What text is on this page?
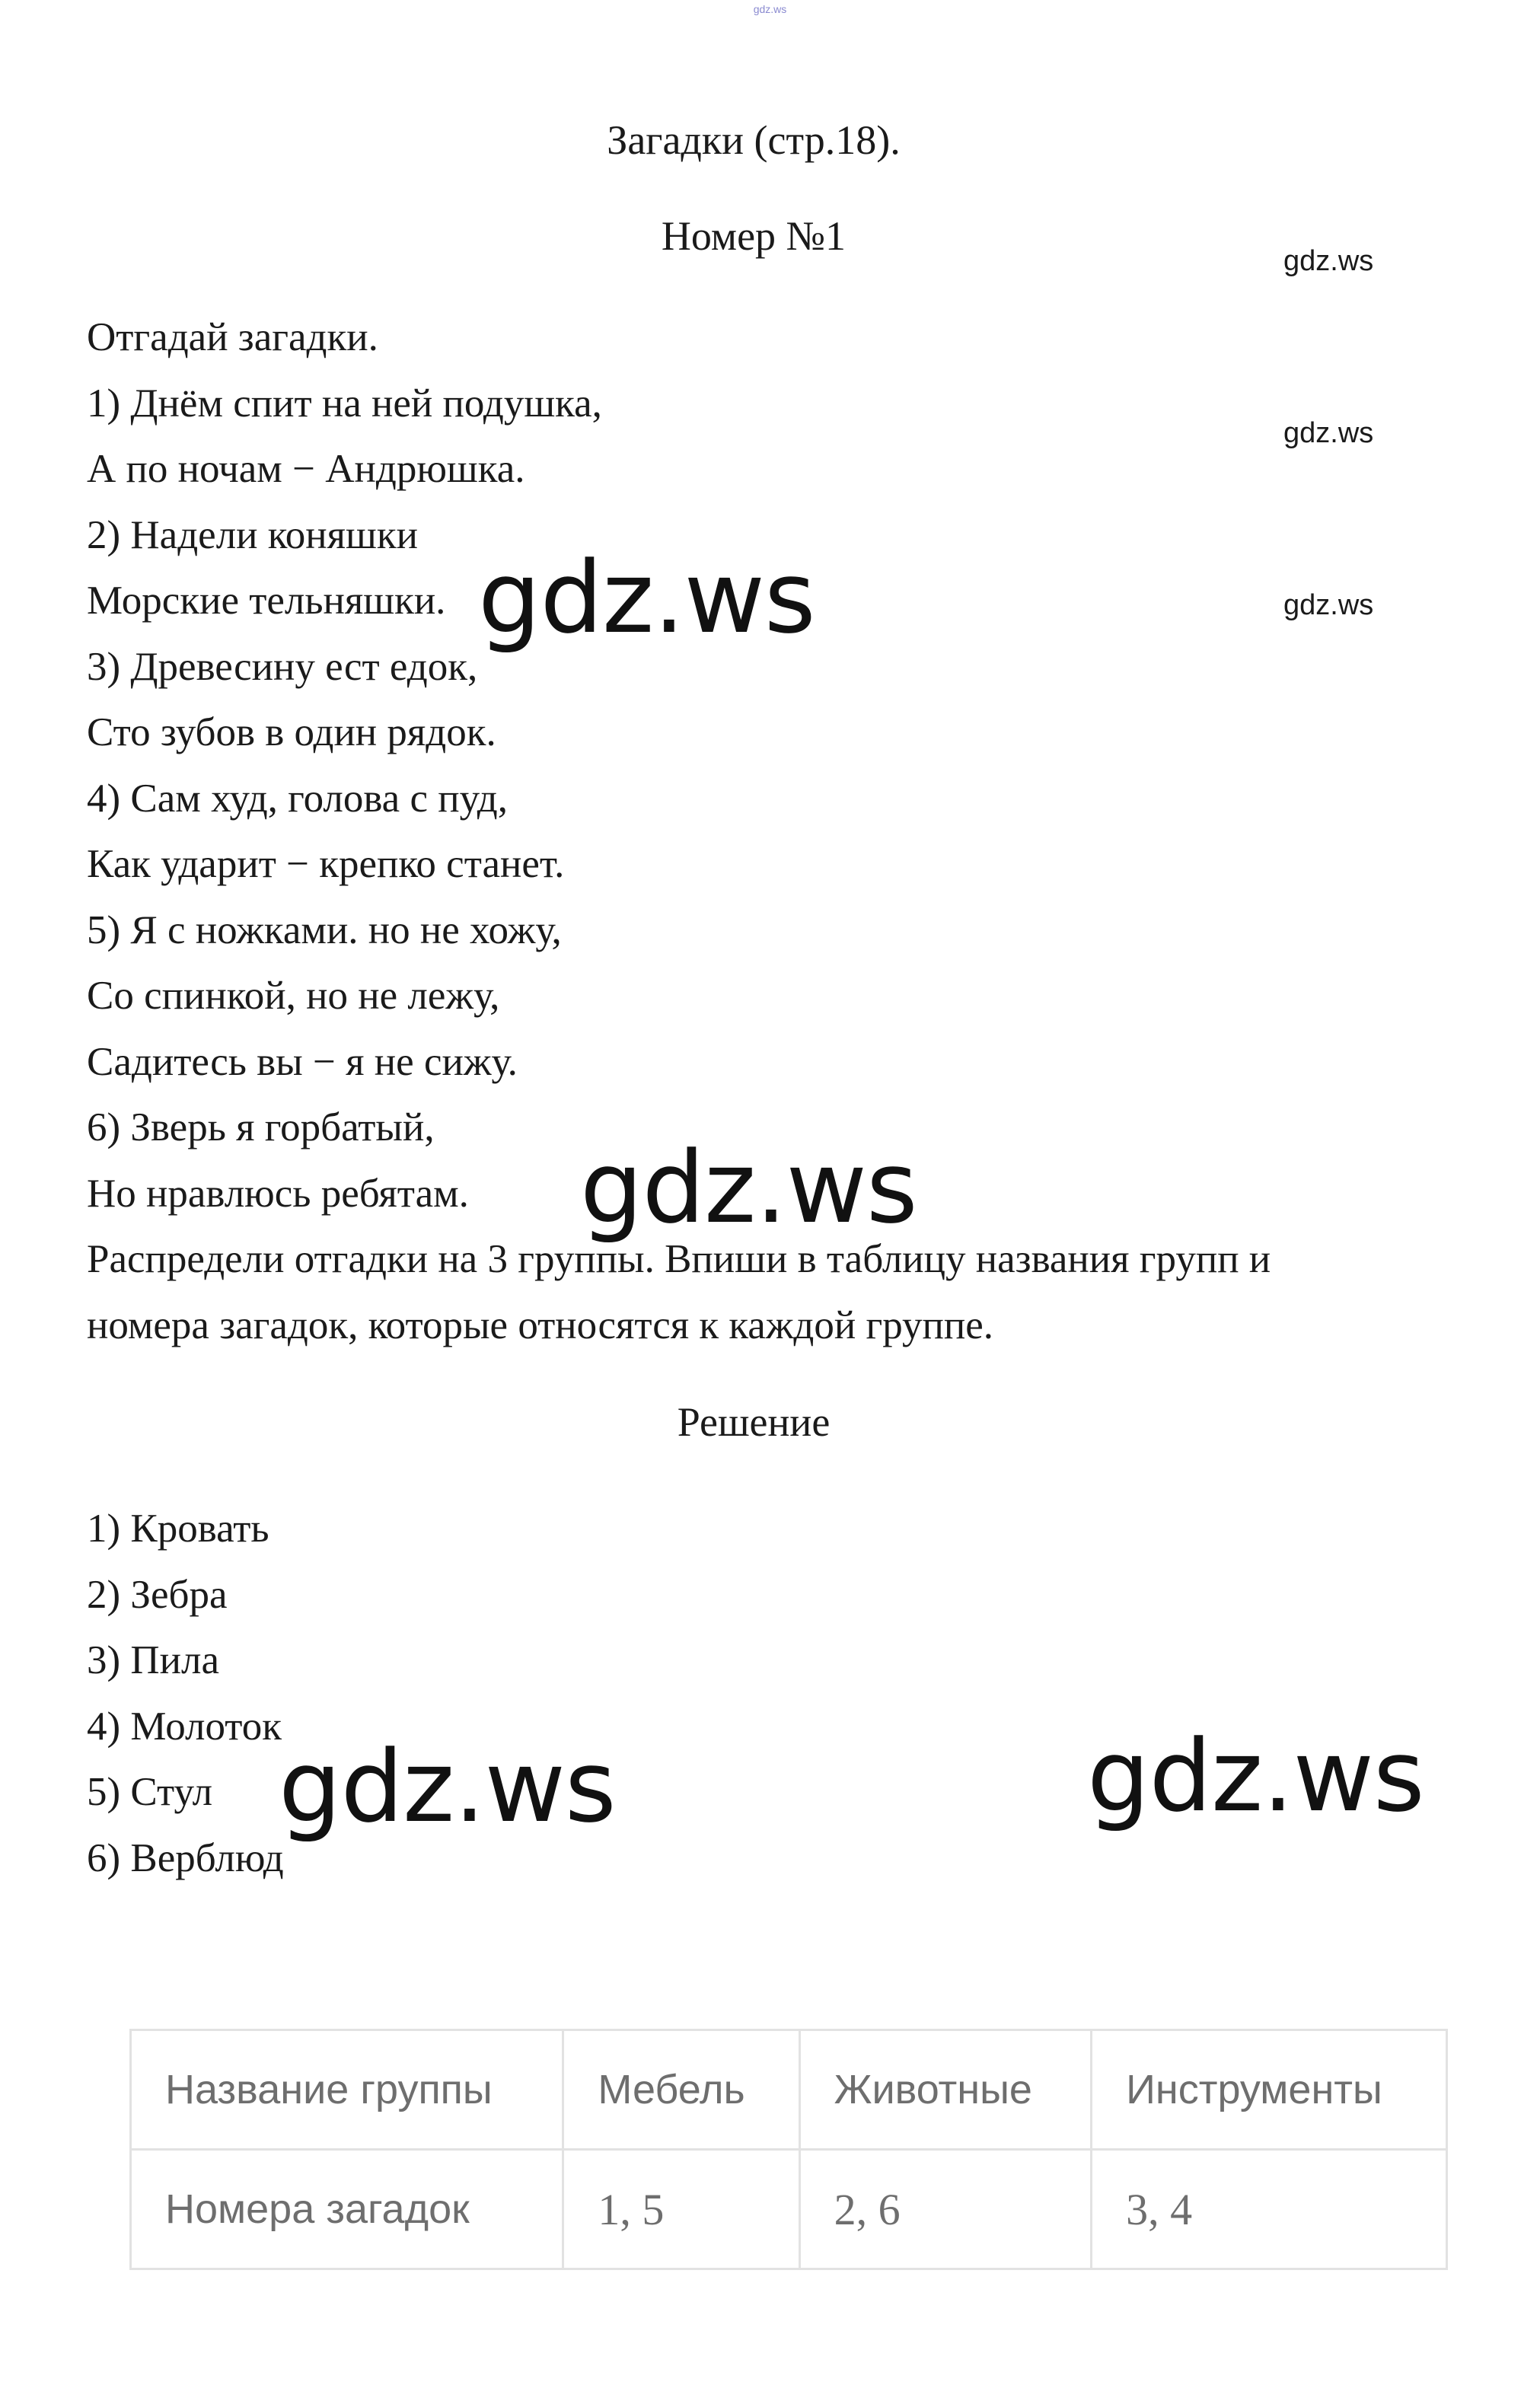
gdz.ws
Загадки (стр.18).
Номер №1
Отгадай загадки.
1) Днём спит на ней подушка,
А по ночам − Андрюшка.
2) Надели коняшки
Морские тельняшки.
3) Древесину ест едок,
Сто зубов в один рядок.
4) Сам худ, голова с пуд,
Как ударит − крепко станет.
5) Я с ножками. но не хожу,
Со спинкой, но не лежу,
Садитесь вы − я не сижу.
6) Зверь я горбатый,
Но нравлюсь ребятам.
Распредели отгадки на 3 группы. Впиши в таблицу названия групп и
номера загадок, которые относятся к каждой группе.
Решение
1) Кровать
2) Зебра
3) Пила
4) Молоток
5) Стул
6) Верблюд
Название группы	Мебель	Животные	Инструменты
Номера загадок	1, 5	2, 6	3, 4
gdz.ws
gdz.ws
gdz.ws
gdz.ws
gdz.ws
gdz.ws	gdz.ws
